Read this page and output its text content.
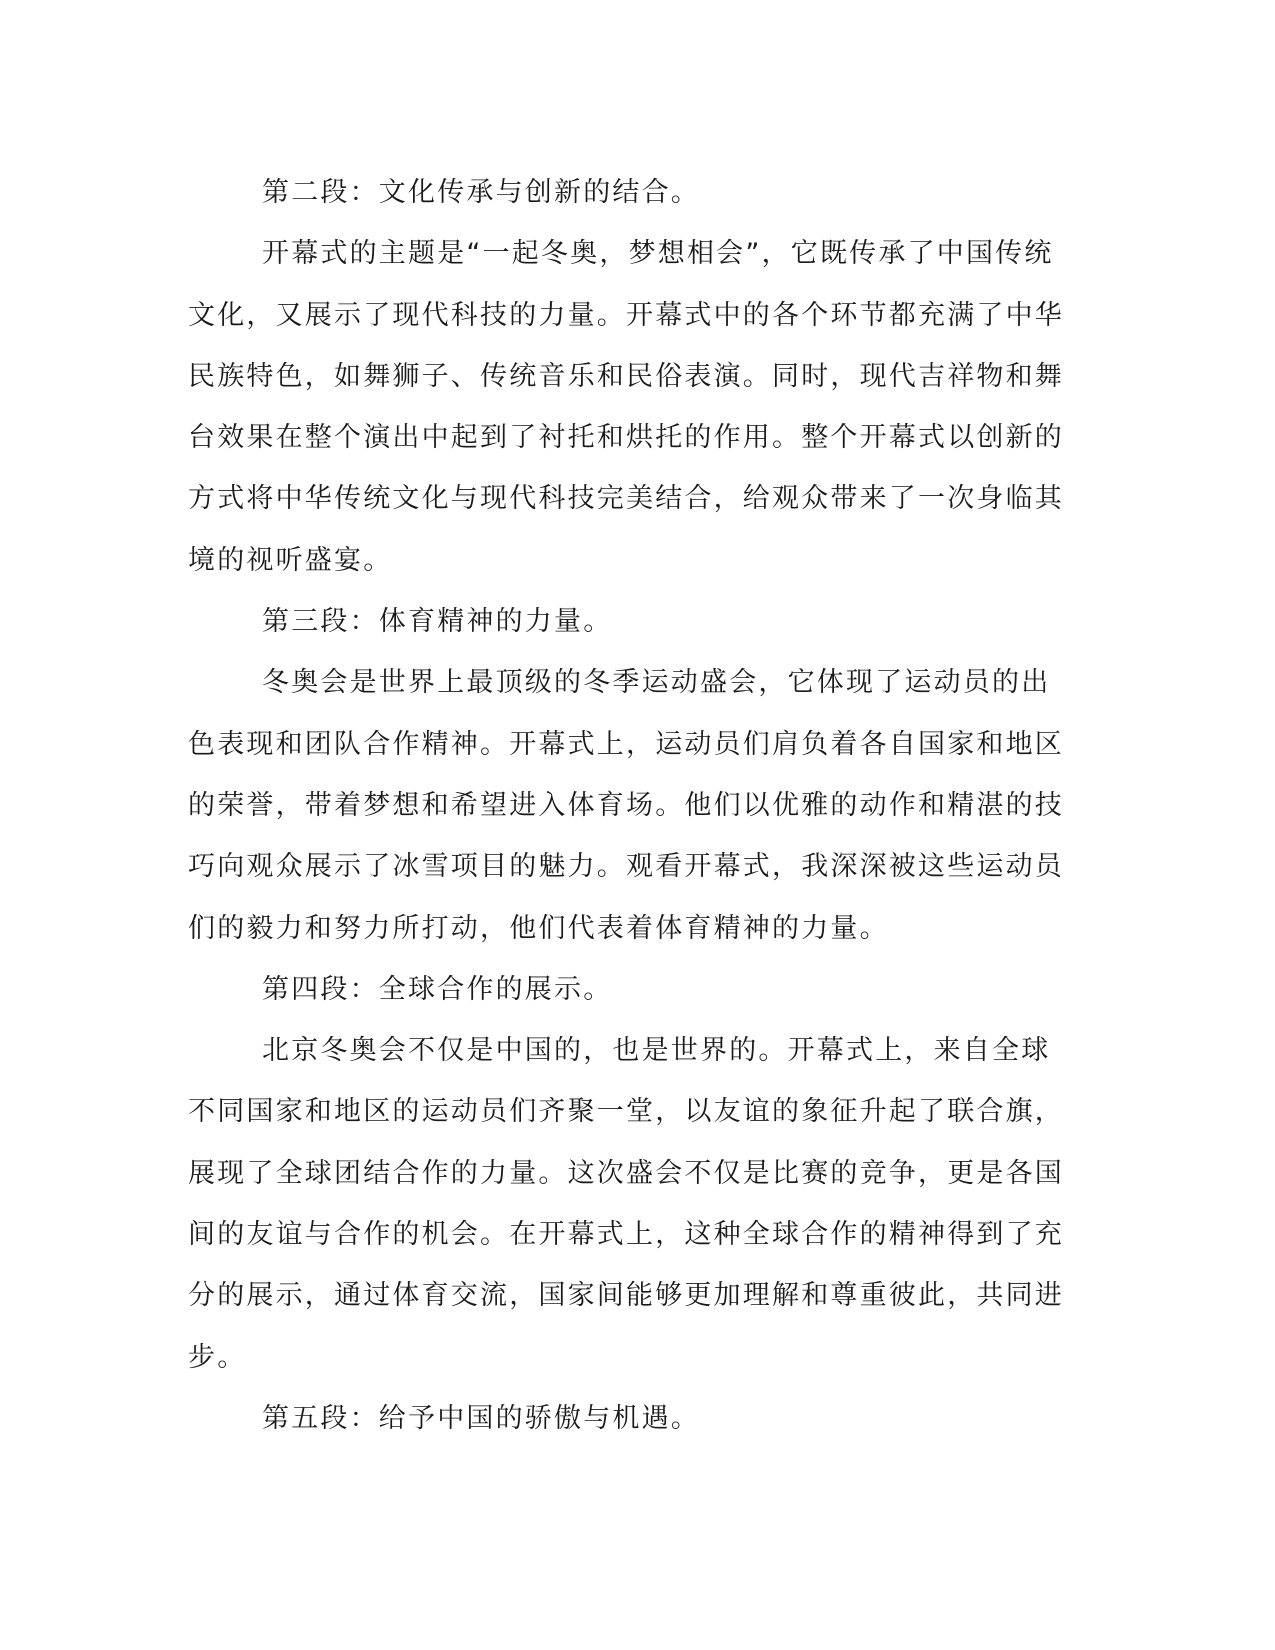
第二段：文化传承与创新的结合。

开幕式的主题是“一起冬奥，梦想相会”，它既传承了中国传统文化，又展示了现代科技的力量。开幕式中的各个环节都充满了中华民族特色，如舞狮子、传统音乐和民俗表演。同时，现代吉祥物和舞台效果在整个演出中起到了衬托和烘托的作用。整个开幕式以创新的方式将中华传统文化与现代科技完美结合，给观众带来了一次身临其境的视听盛宴。

第三段：体育精神的力量。

冬奥会是世界上最顶级的冬季运动盛会，它体现了运动员的出色表现和团队合作精神。开幕式上，运动员们肩负着各自国家和地区的荣誉，带着梦想和希望进入体育场。他们以优雅的动作和精湛的技巧向观众展示了冰雪项目的魅力。观看开幕式，我深深被这些运动员们的毅力和努力所打动，他们代表着体育精神的力量。

第四段：全球合作的展示。

北京冬奥会不仅是中国的，也是世界的。开幕式上，来自全球不同国家和地区的运动员们齐聚一堂，以友谊的象征升起了联合旗，展现了全球团结合作的力量。这次盛会不仅是比赛的竞争，更是各国间的友谊与合作的机会。在开幕式上，这种全球合作的精神得到了充分的展示，通过体育交流，国家间能够更加理解和尊重彼此，共同进步。

第五段：给予中国的骄傲与机遇。
